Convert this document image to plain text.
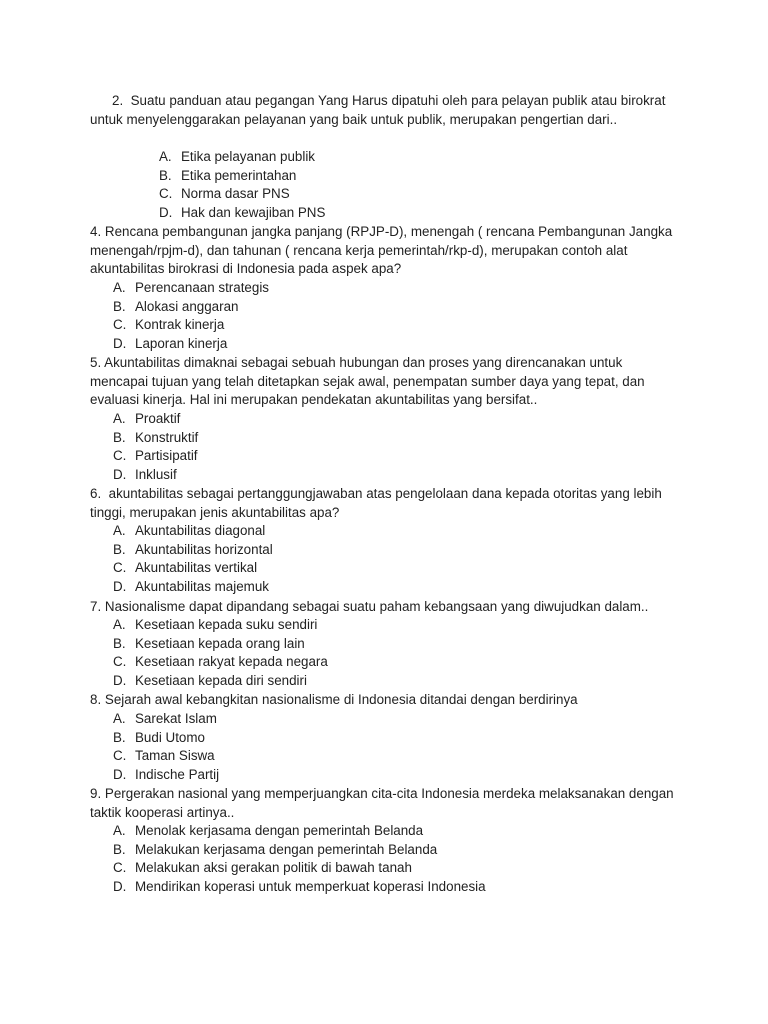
2. Suatu panduan atau pegangan Yang Harus dipatuhi oleh para pelayan publik atau birokrat untuk menyelenggarakan pelayanan yang baik untuk publik, merupakan pengertian dari..

A. Etika pelayanan publik
B. Etika pemerintahan
C. Norma dasar PNS
D. Hak dan kewajiban PNS

4. Rencana pembangunan jangka panjang (RPJP-D), menengah ( rencana Pembangunan Jangka menengah/rpjm-d), dan tahunan ( rencana kerja pemerintah/rkp-d), merupakan contoh alat akuntabilitas birokrasi di Indonesia pada aspek apa?

A. Perencanaan strategis
B. Alokasi anggaran
C. Kontrak kinerja
D. Laporan kinerja

5. Akuntabilitas dimaknai sebagai sebuah hubungan dan proses yang direncanakan untuk mencapai tujuan yang telah ditetapkan sejak awal, penempatan sumber daya yang tepat, dan evaluasi kinerja. Hal ini merupakan pendekatan akuntabilitas yang bersifat..

A. Proaktif
B. Konstruktif
C. Partisipatif
D. Inklusif

6. akuntabilitas sebagai pertanggungjawaban atas pengelolaan dana kepada otoritas yang lebih tinggi, merupakan jenis akuntabilitas apa?

A. Akuntabilitas diagonal
B. Akuntabilitas horizontal
C. Akuntabilitas vertikal
D. Akuntabilitas majemuk

7. Nasionalisme dapat dipandang sebagai suatu paham kebangsaan yang diwujudkan dalam..

A. Kesetiaan kepada suku sendiri
B. Kesetiaan kepada orang lain
C. Kesetiaan rakyat kepada negara
D. Kesetiaan kepada diri sendiri

8. Sejarah awal kebangkitan nasionalisme di Indonesia ditandai dengan berdirinya

A. Sarekat Islam
B. Budi Utomo
C. Taman Siswa
D. Indische Partij

9. Pergerakan nasional yang memperjuangkan cita-cita Indonesia merdeka melaksanakan dengan taktik kooperasi artinya..

A. Menolak kerjasama dengan pemerintah Belanda
B. Melakukan kerjasama dengan pemerintah Belanda
C. Melakukan aksi gerakan politik di bawah tanah
D. Mendirikan koperasi untuk memperkuat koperasi Indonesia
